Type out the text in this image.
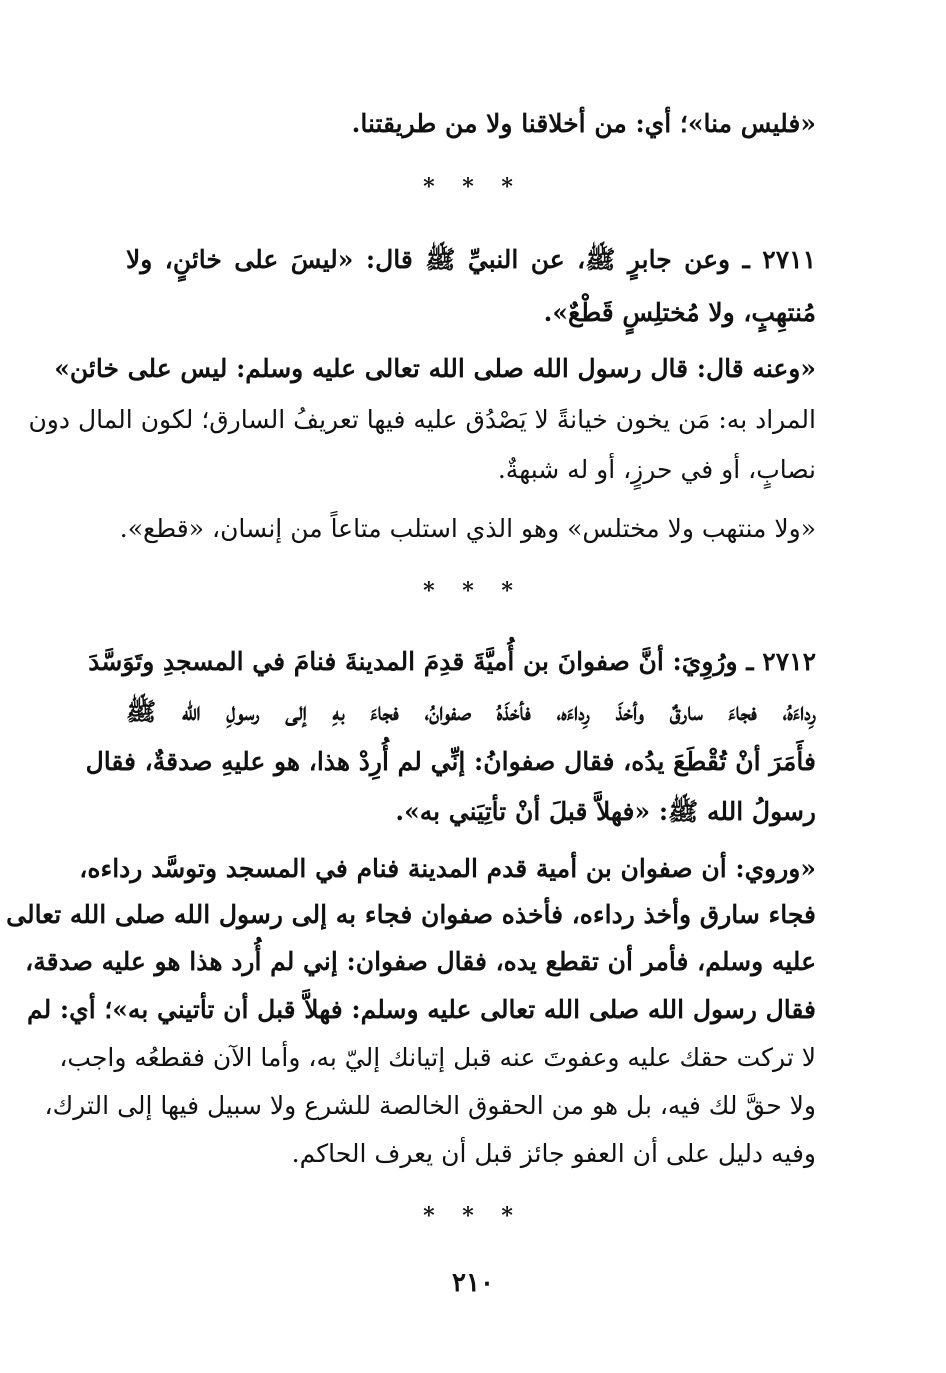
«فليس منا»؛ أي: من أخلاقنا ولا من طريقتنا.
* * *
٢٧١١ ـ وعن جابرٍ ﷺ، عن النبيِّ ﷺ قال: «ليسَ على خائنٍ، ولا
مُنتهِبٍ، ولا مُختلِسٍ قَطْعٌ».
«وعنه قال: قال رسول الله صلى الله تعالى عليه وسلم: ليس على خائن»
المراد به: مَن يخون خيانةً لا يَصْدُق عليه فيها تعريفُ السارق؛ لكون المال دون
نصابٍ، أو في حرزٍ، أو له شبهةٌ.
«ولا منتهب ولا مختلس» وهو الذي استلب متاعاً من إنسان، «قطع».
* * *
٢٧١٢ ـ ورُوِيَ: أنَّ صفوانَ بن أُميَّةَ قدِمَ المدينةَ فنامَ في المسجدِ وتَوَسَّدَ
رِداءَهُ، فجاءَ سارقٌ وأخذَ رِداءَه، فأخذَهُ صفوانُ، فجاءَ بهِ إلى رسولِ الله ﷺ
فأَمَرَ أنْ تُقْطَعَ يدُه، فقال صفوانُ: إنِّي لم أُرِدْ هذا، هو عليهِ صدقةٌ، فقال
رسولُ الله ﷺ: «فهلاَّ قبلَ أنْ تأتِيَني به».
«وروي: أن صفوان بن أمية قدم المدينة فنام في المسجد وتوسَّد رداءه،
فجاء سارق وأخذ رداءه، فأخذه صفوان فجاء به إلى رسول الله صلى الله تعالى
عليه وسلم، فأمر أن تقطع يده، فقال صفوان: إني لم أُرد هذا هو عليه صدقة،
فقال رسول الله صلى الله تعالى عليه وسلم: فهلاَّ قبل أن تأتيني به»؛ أي: لم
لا تركت حقك عليه وعفوتَ عنه قبل إتيانك إليّ به، وأما الآن فقطعُه واجب،
ولا حقَّ لك فيه، بل هو من الحقوق الخالصة للشرع ولا سبيل فيها إلى الترك،
وفيه دليل على أن العفو جائز قبل أن يعرف الحاكم.
* * *
٢١٠
